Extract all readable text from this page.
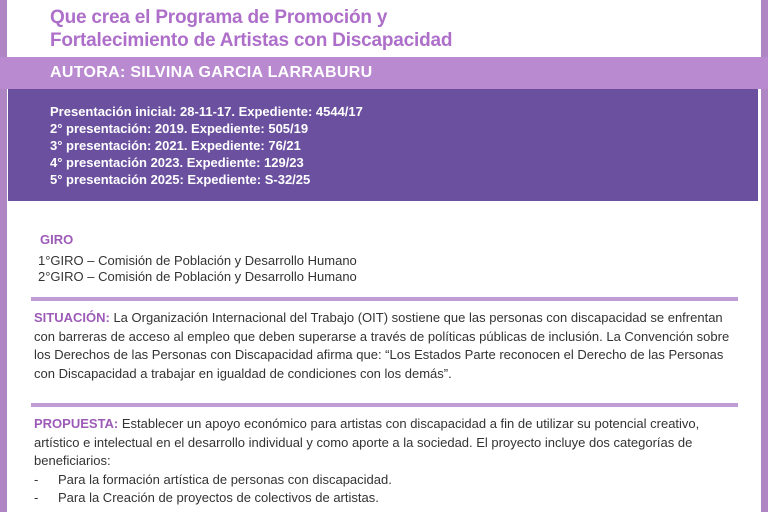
Que crea el Programa de Promoción y
Fortalecimiento de Artistas con Discapacidad
AUTORA: SILVINA GARCIA LARRABURU
Presentación inicial: 28-11-17. Expediente: 4544/17
2° presentación: 2019. Expediente: 505/19
3° presentación: 2021. Expediente: 76/21
4° presentación 2023. Expediente: 129/23
5° presentación 2025: Expediente: S-32/25
GIRO
1°GIRO – Comisión de Población y Desarrollo Humano
2°GIRO – Comisión de Población y Desarrollo Humano
SITUACIÓN: La Organización Internacional del Trabajo (OIT) sostiene que las personas con discapacidad se enfrentan con barreras de acceso al empleo que deben superarse a través de políticas públicas de inclusión. La Convención sobre los Derechos de las Personas con Discapacidad afirma que: “Los Estados Parte reconocen el Derecho de las Personas con Discapacidad a trabajar en igualdad de condiciones con los demás”.
PROPUESTA: Establecer un apoyo económico para artistas con discapacidad a fin de utilizar su potencial creativo, artístico e intelectual en el desarrollo individual y como aporte a la sociedad. El proyecto incluye dos categorías de beneficiarios:
- Para la formación artística de personas con discapacidad.
- Para la Creación de proyectos de colectivos de artistas.
